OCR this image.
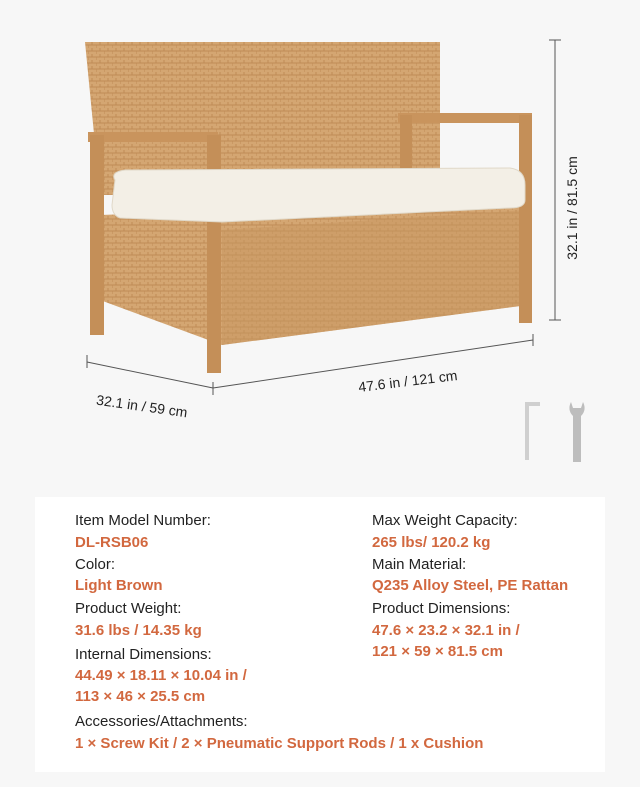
32.1 in / 81.5 cm
32.1 in / 59 cm
47.6 in / 121 cm
Item Model Number:
DL-RSB06
Color:
Light Brown
Product Weight:
31.6 lbs / 14.35 kg
Internal Dimensions:
44.49 × 18.11 × 10.04 in /
113 × 46 × 25.5 cm
Max Weight Capacity:
265 lbs/ 120.2 kg
Main Material:
Q235 Alloy Steel, PE Rattan
Product Dimensions:
47.6 × 23.2 × 32.1 in /
121 × 59 × 81.5 cm
Accessories/Attachments:
1 × Screw Kit / 2 × Pneumatic Support Rods / 1 x Cushion
